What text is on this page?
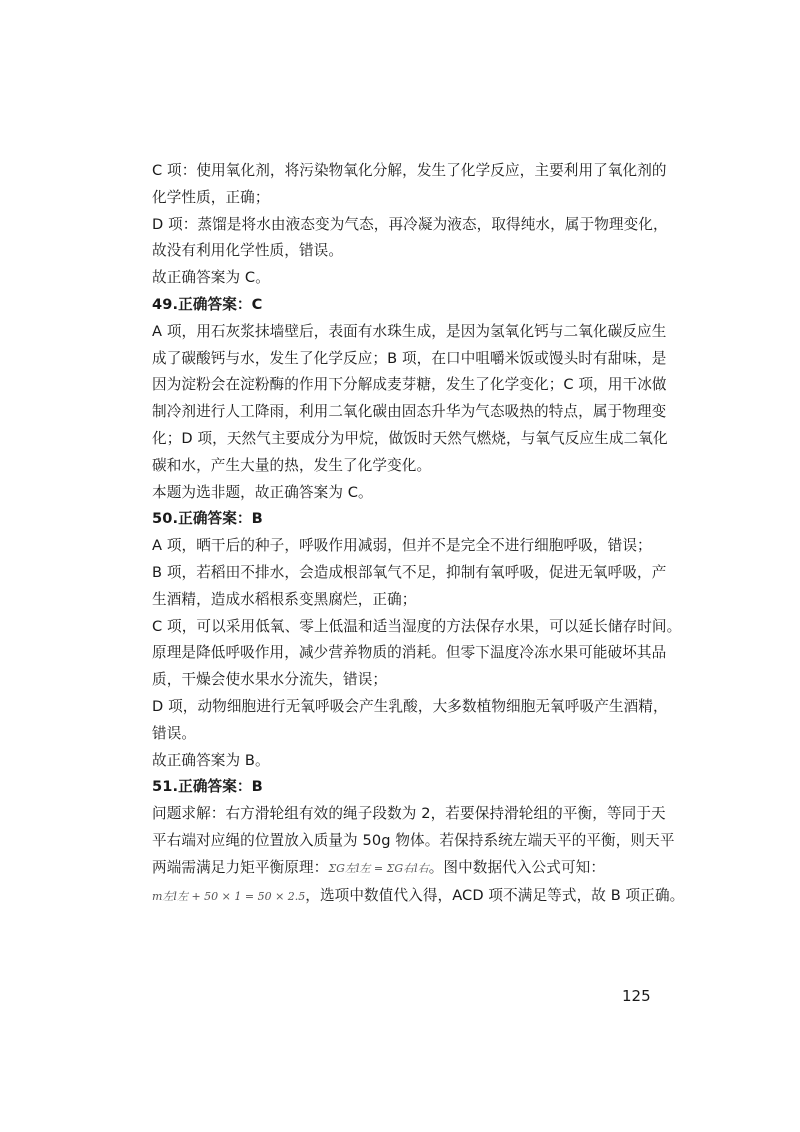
C 项：使用氧化剂，将污染物氧化分解，发生了化学反应，主要利用了氧化剂的
化学性质，正确；
D 项：蒸馏是将水由液态变为气态，再冷凝为液态，取得纯水，属于物理变化，
故没有利用化学性质，错误。
故正确答案为 C。
49.正确答案：C
A 项，用石灰浆抹墙壁后，表面有水珠生成，是因为氢氧化钙与二氧化碳反应生
成了碳酸钙与水，发生了化学反应；B 项，在口中咀嚼米饭或馒头时有甜味，是
因为淀粉会在淀粉酶的作用下分解成麦芽糖，发生了化学变化；C 项，用干冰做
制冷剂进行人工降雨，利用二氧化碳由固态升华为气态吸热的特点，属于物理变
化；D 项，天然气主要成分为甲烷，做饭时天然气燃烧，与氧气反应生成二氧化
碳和水，产生大量的热，发生了化学变化。
本题为选非题，故正确答案为 C。
50.正确答案：B
A 项，晒干后的种子，呼吸作用减弱，但并不是完全不进行细胞呼吸，错误；
B 项，若稻田不排水，会造成根部氧气不足，抑制有氧呼吸，促进无氧呼吸，产
生酒精，造成水稻根系变黑腐烂，正确；
C 项，可以采用低氧、零上低温和适当湿度的方法保存水果，可以延长储存时间。
原理是降低呼吸作用，减少营养物质的消耗。但零下温度冷冻水果可能破坏其品
质，干燥会使水果水分流失，错误；
D 项，动物细胞进行无氧呼吸会产生乳酸，大多数植物细胞无氧呼吸产生酒精，
错误。
故正确答案为 B。
51.正确答案：B
问题求解：右方滑轮组有效的绳子段数为 2，若要保持滑轮组的平衡，等同于天
平右端对应绳的位置放入质量为 50g 物体。若保持系统左端天平的平衡，则天平
两端需满足力矩平衡原理：ΣG左l左 = ΣG右l右。图中数据代入公式可知：
m左l左 + 50 × 1 = 50 × 2.5，选项中数值代入得，ACD 项不满足等式，故 B 项正确。
125
